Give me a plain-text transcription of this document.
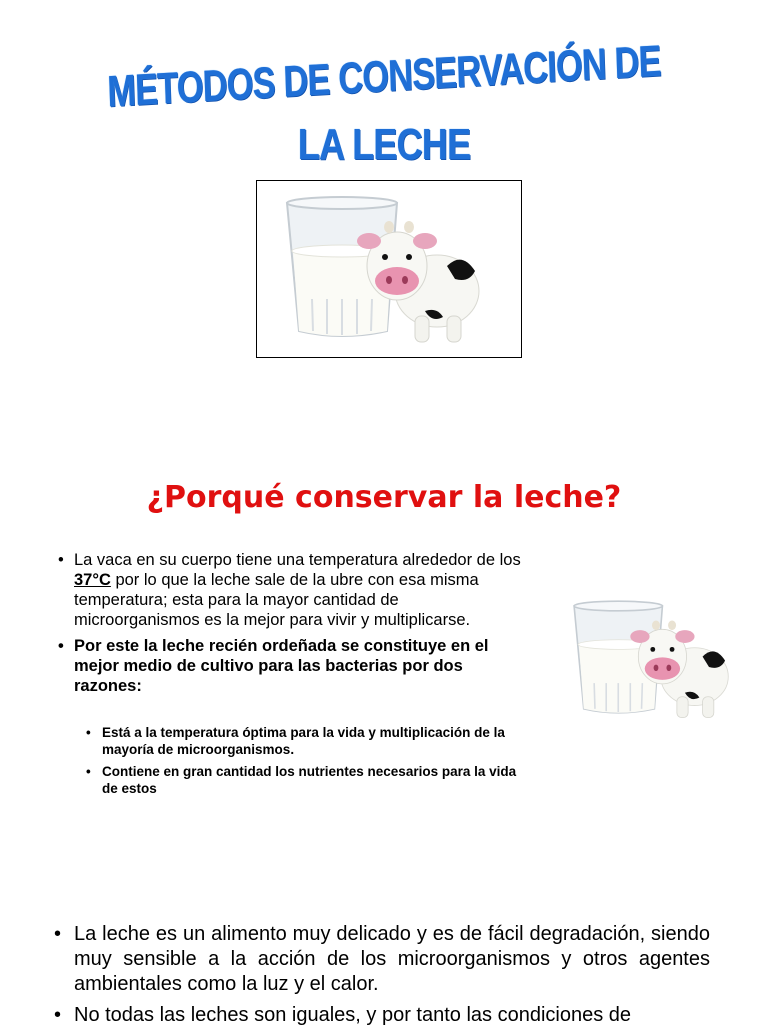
MÉTODOS DE CONSERVACIÓN DE
LA LECHE
¿Porqué conservar la leche?
• La vaca en su cuerpo tiene una temperatura alrededor de los 37°C por lo que la leche sale de la ubre con esa misma temperatura; esta para la mayor cantidad de microorganismos es la mejor para vivir y multiplicarse.
• Por este la leche recién ordeñada se constituye en el mejor medio de cultivo para las bacterias por dos razones:
• Está a la temperatura óptima para la vida y multiplicación de la mayoría de microorganismos.
• Contiene en gran cantidad los nutrientes necesarios para la vida de estos
• La leche es un alimento muy delicado y es de fácil degradación, siendo muy sensible a la acción de los microorganismos y otros agentes ambientales como la luz y el calor.
• No todas las leches son iguales, y por tanto las condiciones de
